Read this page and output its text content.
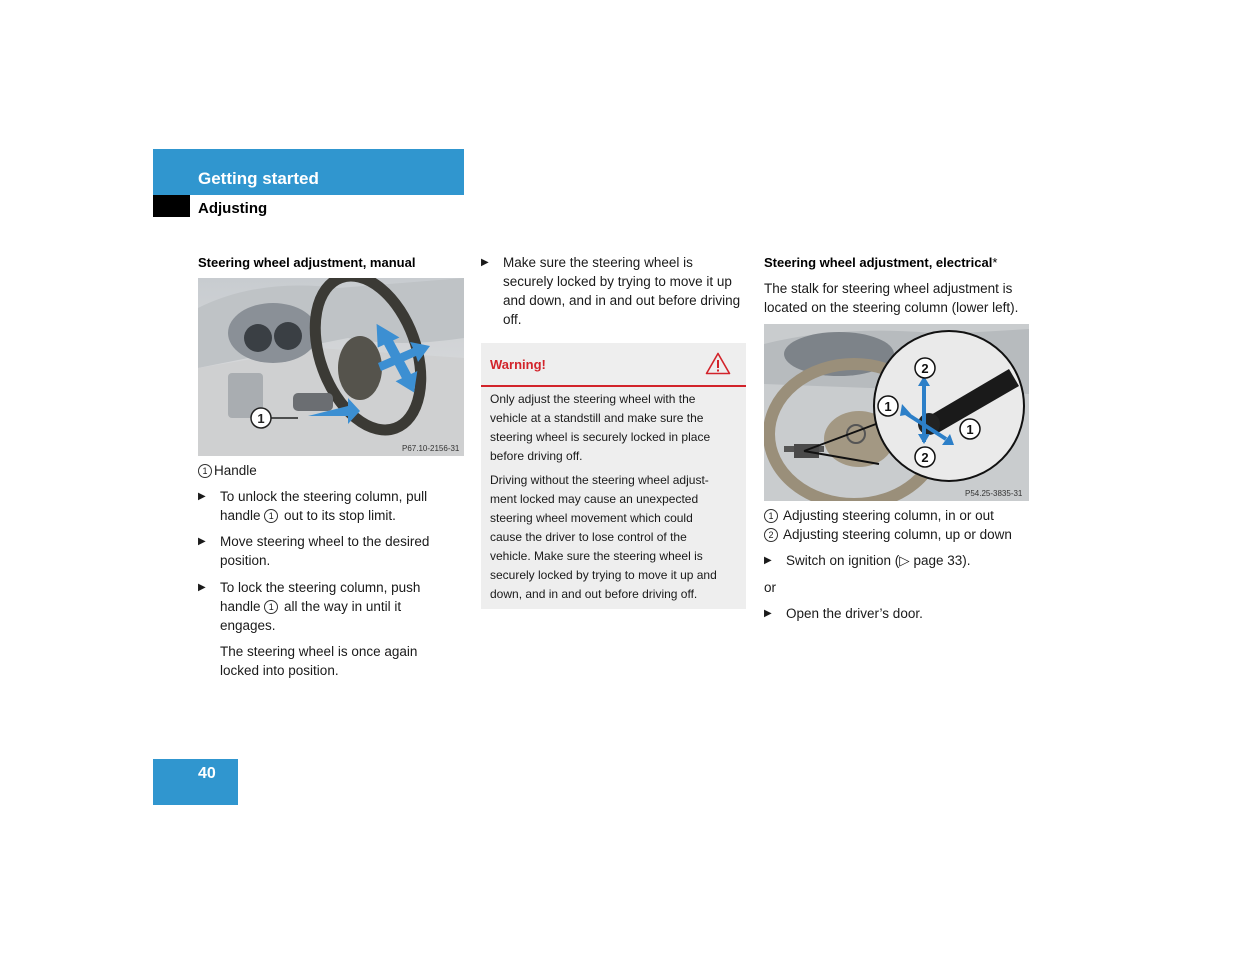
Getting started
Adjusting
Steering wheel adjustment, manual
1
P67.10-2156-31
1 Handle
▶ To unlock the steering column, pull
handle 1 out to its stop limit.
▶ Move steering wheel to the desired
position.
▶ To lock the steering column, push
handle 1 all the way in until it
engages.
The steering wheel is once again
locked into position.
▶ Make sure the steering wheel is
securely locked by trying to move it up
and down, and in and out before driving
off.
Warning!
Only adjust the steering wheel with the
vehicle at a standstill and make sure the
steering wheel is securely locked in place
before driving off.
Driving without the steering wheel adjust-
ment locked may cause an unexpected
steering wheel movement which could
cause the driver to lose control of the
vehicle. Make sure the steering wheel is
securely locked by trying to move it up and
down, and in and out before driving off.
Steering wheel adjustment, electrical*
The stalk for steering wheel adjustment is
located on the steering column (lower left).
2
1
1
2
P54.25-3835-31
1 Adjusting steering column, in or out
2 Adjusting steering column, up or down
▶ Switch on ignition (▷ page 33).
or
▶ Open the driver’s door.
40
